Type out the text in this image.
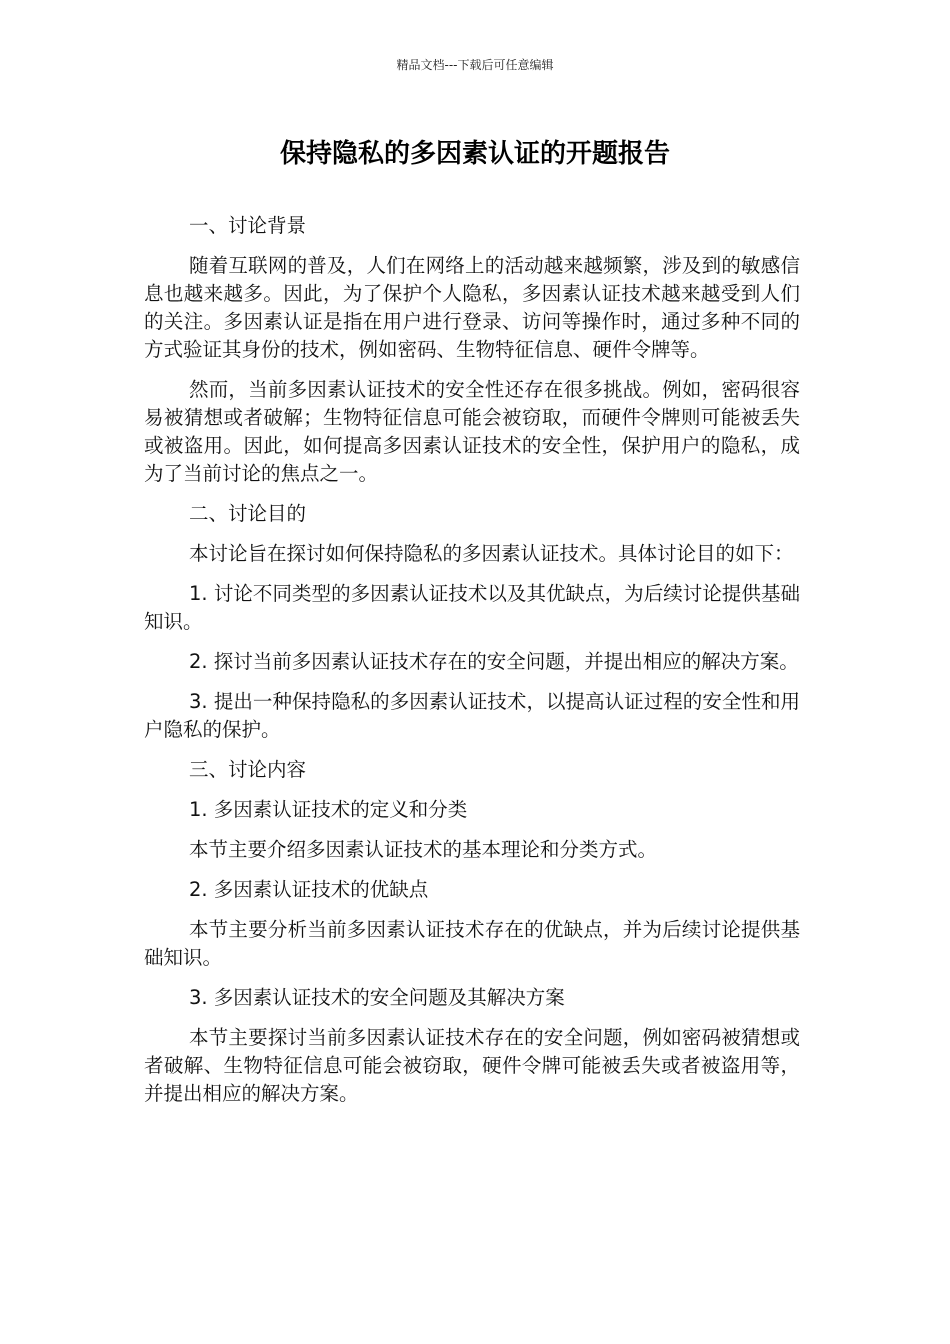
精品文档---下载后可任意编辑
保持隐私的多因素认证的开题报告

一、讨论背景

随着互联网的普及，人们在网络上的活动越来越频繁，涉及到的敏感信息也越来越多。因此，为了保护个人隐私，多因素认证技术越来越受到人们的关注。多因素认证是指在用户进行登录、访问等操作时，通过多种不同的方式验证其身份的技术，例如密码、生物特征信息、硬件令牌等。

然而，当前多因素认证技术的安全性还存在很多挑战。例如，密码很容易被猜想或者破解；生物特征信息可能会被窃取，而硬件令牌则可能被丢失或被盗用。因此，如何提高多因素认证技术的安全性，保护用户的隐私，成为了当前讨论的焦点之一。

二、讨论目的

本讨论旨在探讨如何保持隐私的多因素认证技术。具体讨论目的如下：

1. 讨论不同类型的多因素认证技术以及其优缺点，为后续讨论提供基础知识。

2. 探讨当前多因素认证技术存在的安全问题，并提出相应的解决方案。

3. 提出一种保持隐私的多因素认证技术，以提高认证过程的安全性和用户隐私的保护。

三、讨论内容

1. 多因素认证技术的定义和分类

本节主要介绍多因素认证技术的基本理论和分类方式。

2. 多因素认证技术的优缺点

本节主要分析当前多因素认证技术存在的优缺点，并为后续讨论提供基础知识。

3. 多因素认证技术的安全问题及其解决方案

本节主要探讨当前多因素认证技术存在的安全问题，例如密码被猜想或者破解、生物特征信息可能会被窃取，硬件令牌可能被丢失或者被盗用等，并提出相应的解决方案。
